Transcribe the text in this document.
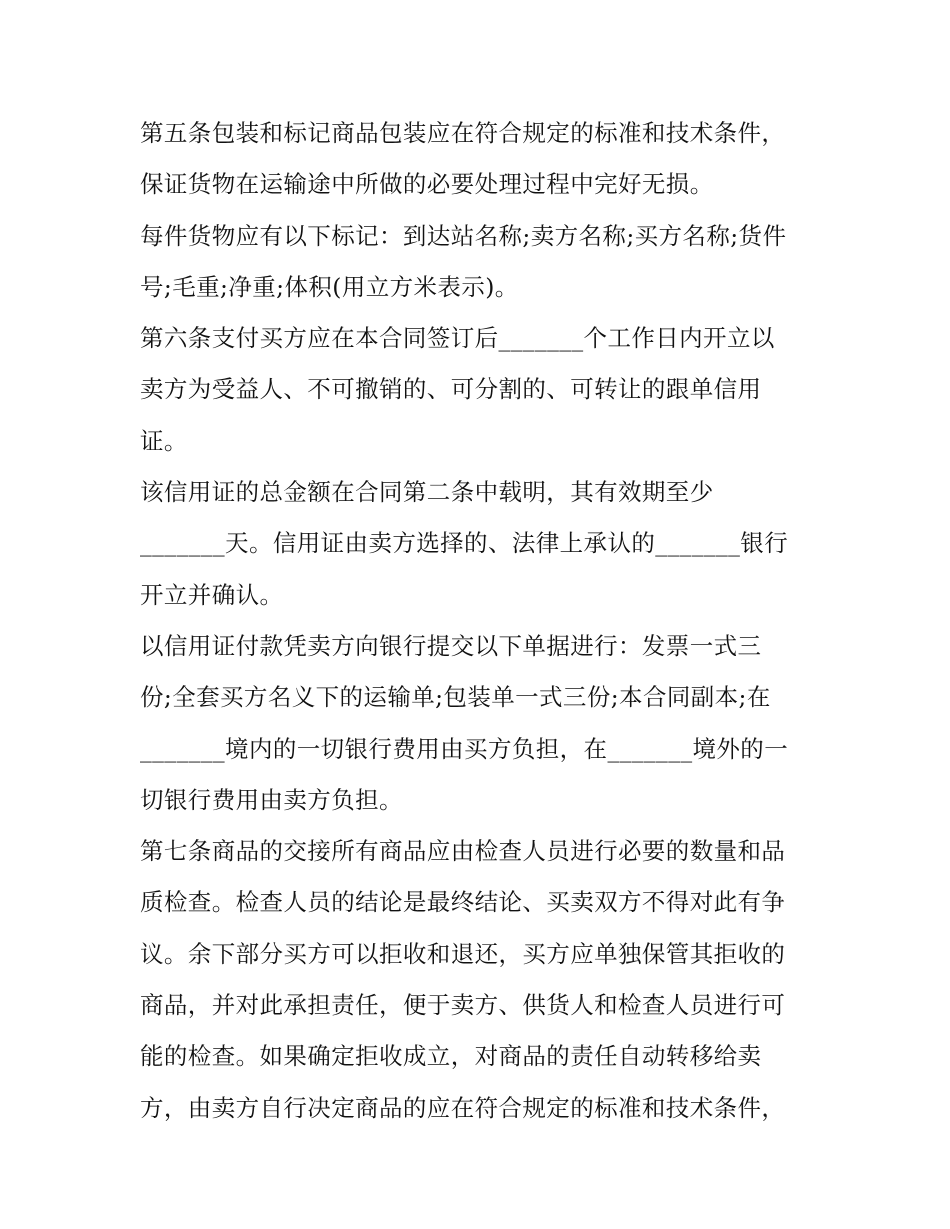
第五条包装和标记商品包装应在符合规定的标准和技术条件，
保证货物在运输途中所做的必要处理过程中完好无损。
每件货物应有以下标记：到达站名称;卖方名称;买方名称;货件
号;毛重;净重;体积(用立方米表示)。
第六条支付买方应在本合同签订后_______个工作日内开立以
卖方为受益人、不可撤销的、可分割的、可转让的跟单信用
证。
该信用证的总金额在合同第二条中载明，其有效期至少
_______天。信用证由卖方选择的、法律上承认的_______银行
开立并确认。
以信用证付款凭卖方向银行提交以下单据进行：发票一式三
份;全套买方名义下的运输单;包装单一式三份;本合同副本;在
_______境内的一切银行费用由买方负担，在_______境外的一
切银行费用由卖方负担。
第七条商品的交接所有商品应由检查人员进行必要的数量和品
质检查。检查人员的结论是最终结论、买卖双方不得对此有争
议。余下部分买方可以拒收和退还，买方应单独保管其拒收的
商品，并对此承担责任，便于卖方、供货人和检查人员进行可
能的检查。如果确定拒收成立，对商品的责任自动转移给卖
方，由卖方自行决定商品的应在符合规定的标准和技术条件，
